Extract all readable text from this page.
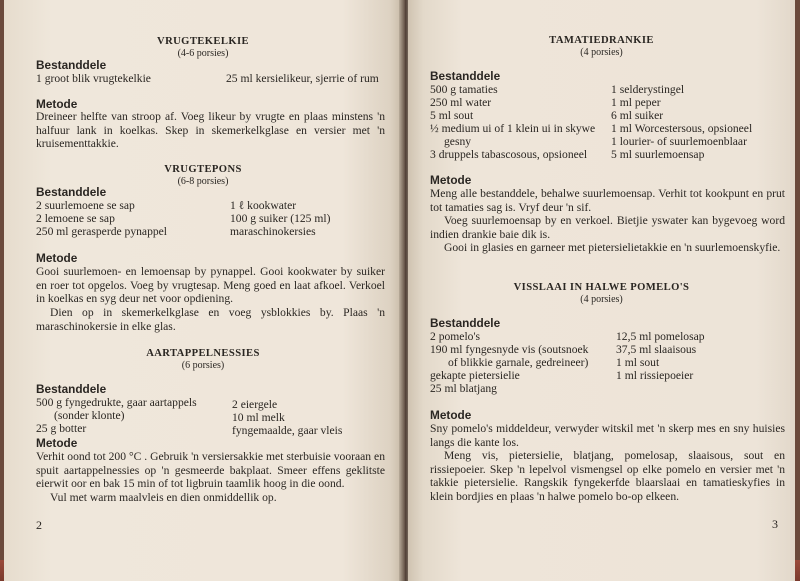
VRUGTEKELKIE
(4-6 porsies)
Bestanddele
1 groot blik vrugtekelkie	25 ml kersielikeur, sjerrie of rum
Metode
Dreineer helfte van stroop af. Voeg likeur by vrugte en plaas minstens 'n halfuur lank in koelkas. Skep in skemerkelkglase en versier met 'n kruisementtakkie.
VRUGTEPONS
(6-8 porsies)
Bestanddele
2 suurlemoene se sap
2 lemoene se sap
250 ml gerasperde pynappel
1 ℓ kookwater
100 g suiker (125 ml)
maraschinokersies
Metode
Gooi suurlemoen- en lemoensap by pynappel. Gooi kookwater by suiker en roer tot opgelos. Voeg by vrugtesap. Meng goed en laat afkoel. Verkoel in koelkas en syg deur net voor opdiening.
Dien op in skemerkelkglase en voeg ysblokkies by. Plaas 'n maraschinokersie in elke glas.
AARTAPPELNESSIES
(6 porsies)
Bestanddele
500 g fyngedrukte, gaar aartappels
(sonder klonte)
25 g botter
2 eiergele
10 ml melk
fyngemaalde, gaar vleis
Metode
Verhit oond tot 200 °C . Gebruik 'n versiersakkie met sterbuisie vooraan en spuit aartappelnessies op 'n gesmeerde bakplaat. Smeer effens geklitste eierwit oor en bak 15 min of tot ligbruin taamlik hoog in die oond.
Vul met warm maalvleis en dien onmiddellik op.
2
TAMATIEDRANKIE
(4 porsies)
Bestanddele
500 g tamaties
250 ml water
5 ml sout
½ medium ui of 1 klein ui in skywe
gesny
3 druppels tabascosous, opsioneel
1 selderystingel
1 ml peper
6 ml suiker
1 ml Worcestersous, opsioneel
1 lourier- of suurlemoenblaar
5 ml suurlemoensap
Metode
Meng alle bestanddele, behalwe suurlemoensap. Verhit tot kookpunt en prut tot tamaties sag is. Vryf deur 'n sif.
Voeg suurlemoensap by en verkoel. Bietjie yswater kan bygevoeg word indien drankie baie dik is.
Gooi in glasies en garneer met pietersielietakkie en 'n suurlemoenskyfie.
VISSLAAI IN HALWE POMELO'S
(4 porsies)
Bestanddele
2 pomelo's
190 ml fyngesnyde vis (soutsnoek
of blikkie garnale, gedreineer)
gekapte pietersielie
25 ml blatjang
12,5 ml pomelosap
37,5 ml slaaisous
1 ml sout
1 ml rissiepoeier
Metode
Sny pomelo's middeldeur, verwyder witskil met 'n skerp mes en sny huisies langs die kante los.
Meng vis, pietersielie, blatjang, pomelosap, slaaisous, sout en rissiepoeier. Skep 'n lepelvol vismengsel op elke pomelo en versier met 'n takkie pietersielie. Rangskik fyngekerfde blaarslaai en tamatieskyfies in klein bordjies en plaas 'n halwe pomelo bo-op elkeen.
3
